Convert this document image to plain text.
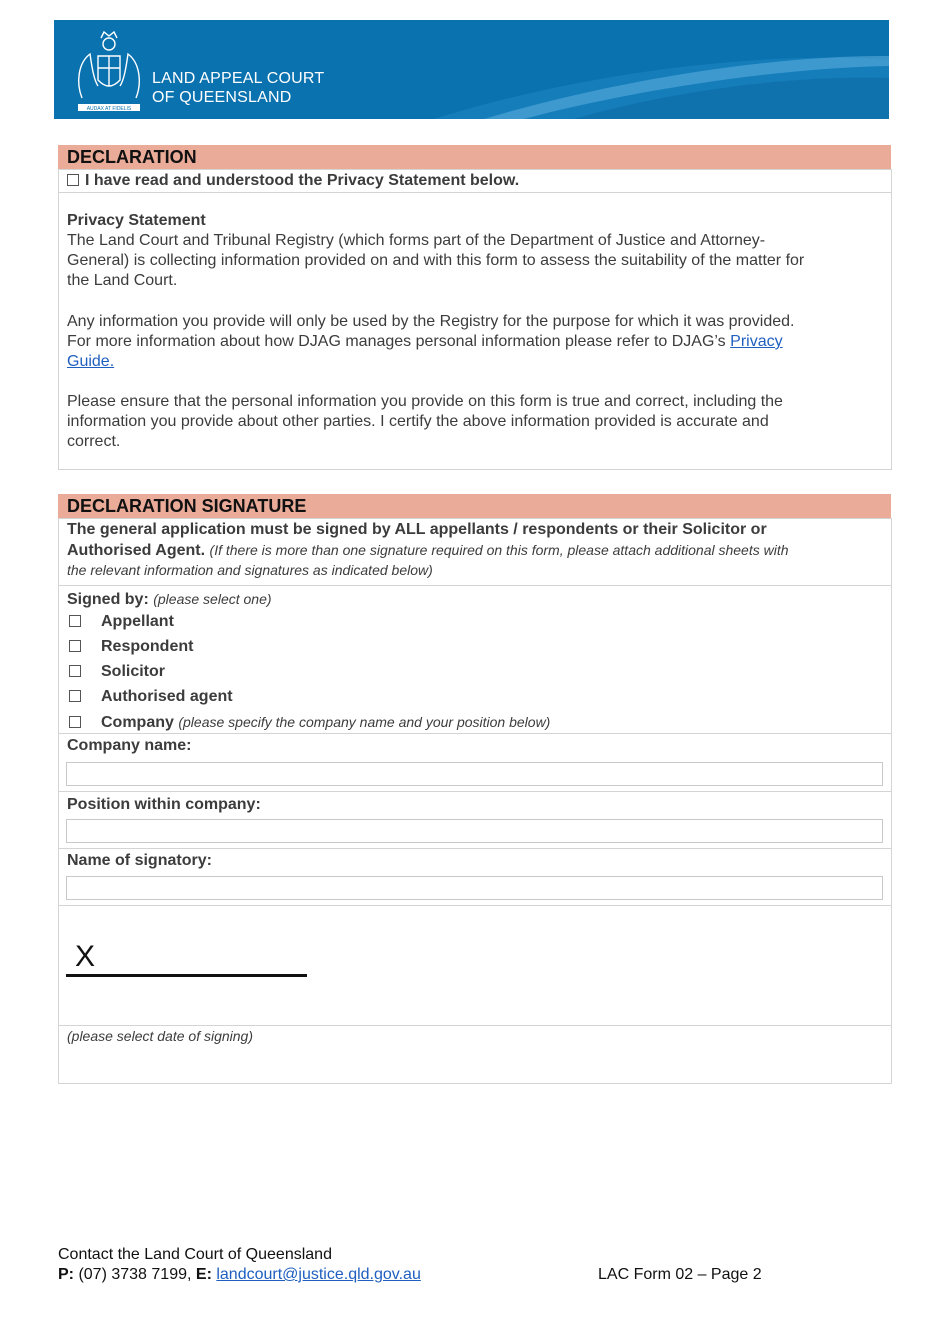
AUDAX AT FIDELIS
LAND APPEAL COURT
OF QUEENSLAND
DECLARATION
I have read and understood the Privacy Statement below.
Privacy Statement
The Land Court and Tribunal Registry (which forms part of the Department of Justice and Attorney-
General) is collecting information provided on and with this form to assess the suitability of the matter for
the Land Court.
Any information you provide will only be used by the Registry for the purpose for which it was provided.
For more information about how DJAG manages personal information please refer to DJAG’s Privacy
Guide.
Please ensure that the personal information you provide on this form is true and correct, including the
information you provide about other parties. I certify the above information provided is accurate and
correct.
DECLARATION SIGNATURE
The general application must be signed by ALL appellants / respondents or their Solicitor or
Authorised Agent. (If there is more than one signature required on this form, please attach additional sheets with
the relevant information and signatures as indicated below)
Signed by: (please select one)
Appellant
Respondent
Solicitor
Authorised agent
Company (please specify the company name and your position below)
Company name:
Position within company:
Name of signatory:
X
(please select date of signing)
Contact the Land Court of Queensland
P: (07) 3738 7199, E: landcourt@justice.qld.gov.au	LAC Form 02 – Page 2
